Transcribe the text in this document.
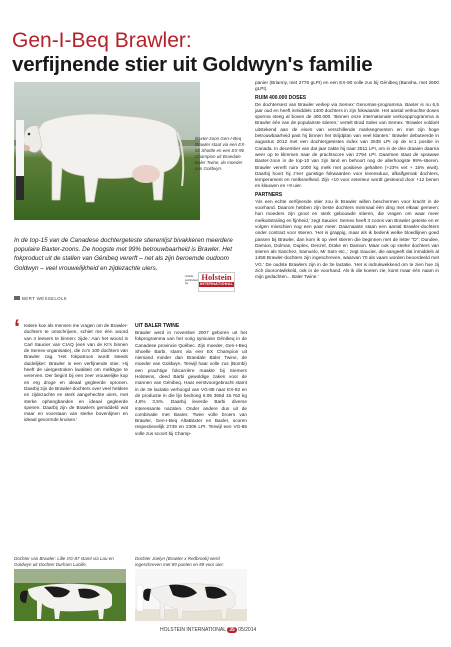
Gen-I-Beq Brawler:
verfijnende stier uit Goldwyn's familie
Baxter-zoon Gen-I-Beq Brawler staat via een EX-92 Shottle en een EX-96 Champion uit Braedale Baler Twine, de moeder van Goldwyn.
In de top-15 van de Canadese dochtergeteste stierenlijst bivakkeren meerdere populaire Baxter-zoons. De hoogste met 99% betrouwbaarheid is Brawler. Het fokproduct uit de stallen van Génibeq vererft – net als zijn beroemde oudoom Goldwyn – veel vrouwelijkheid en zijdezachte uiers.
Article published by
Holstein
INTERNATIONAL
BERT WESSELOLK
‘ Iedere koe als mensen me vragen om de Brawler-dochters te omschrijven, schiet me één woord van 4 leesers te binnen: zijde.' Aan het woord is Carl Saucier van CIAQ (een van de KI's binnen de Semex-organisatie), die zo'n 100 dochters van Brawler zag. 'Het fokpatroon wordt steeds duidelijker: Brawler is een verfijnende stier. Hij heeft de uiergestroken kwaliteit om melktype te vererven. Der begint bij een zeer vrouwelijke kop en erg droge en ideaal gegleerde spronen. Daarbij zijn de Brawler-dochters over veel heldere en zijdezachte en sterk aangehechte uiers, met sterke ophangbanden en ideaal gegleerde spenen. Daarbij zijn de Brawlers gemiddeld wat maar en voorstaan van sterke bovenlijnen en ideaal gevormde kruisen.'

UIT BALER TWINE

Brawler werd in november 2007 geboren uit het fokprogramma van het vorig synicase Génibeq in de Canadese provincie Québec. Zijn moeder, Gen-I-Beq Shoelle Barbi, stamt via een EX Champion uit niemand minder dan Braedale Baler Twine, de moeder van Goldwyn. Terwijl haar volle zus (Bombi) een prachtige fokcarrière maakte bij Siemers Holsteins, deed Barbi gewoldige zaken voor de mannen van Génibeq. Haar eerstvoorgebracht stamt in de 3e lactatie verhoogd van VG-88 naar EX-92 en de productie in die lijn bedroeg 6.06 365d 15.762 kg 4,8% 3,5%. Daarbij leverde Barbi diverse interessante nazaten. Onder andere dus uit de combinatie met Baxter. Twee volle broers van Brawler, Gen-I-Beq AltaBaxter en Baxler, scoren respectievelijk 2749 en 2306 LPI. Terwijl een VG-86 volle zus scoort bij Champ-

panier (Brianny, met 2776 gLPI) en een EX-90 volle zus bij Génibeq (Bansha, met 2600 gLPI).

RUIM 400.000 DOSES

De dochtersest van Brawler verliep via Semex' Genomas-programma. Baxter is nu 6,5 jaar oud en heeft inmiddels 1400 dochters in zijn fokwaarde. Het aantal verkochte doses sperma steeg al boven de 400.000. 'Binnen onze internationale verkoopprogramma is Brawler één van de populairste stieren,' vertelt Brad Sales van Semex. 'Brawler voldoet uitstekend aan de eisen van verschillende marksegmenten en met zijn hoge betrouwbaarheid past hij binnen het strijdplan van veel klanten.' Brawler debuteerde in augustus 2012 met een dochtergetestes index van 2638 LPI op de nr.1 positie in Canada. In december van dat jaar zakte hij naar 2511 LPI, om in de drie draaien daarna weer op te klimmen naar de prachtscore van 2794 LPI. Daarmee staat de sprawwe Baxter-zoon in de top-10 van zijn land en behoort nog de allerhoogste 99%-stieren. Brawler vererft ruim 1000 kg melk met positieve gehalten (+23% vet + 15% eiwit). Daarbij hoort hij z'eer gunstige fokwaarden voor levensduur, afkalfgemak dochters, temperament en melksnelheid. Zijn +10 voor exterieur wordt gesteund door +12 benen en klauwen en +9 uier.

PARTNERS

'Als een echte verfijnende stier zou ik Brawler willen beschermen voor kracht in de voorhand. Daarom hebben zijn beste dochters minimaal één ding met elkaar gemeen; hun moeders zijn groot en sterk gebouwde stieren, die vragen om waar meer melkuitstraling en fijnheid,' zegt Saucier. Semex heeft 3 zoons van Brawler geteste en er volgen misschien nog een paar meer. Daarnaaste staan een aantal Brawler-dochters onder contract voor stieren. 'Het is grappig, maar als ik bedenk welke bloedlijnen goed passen bij Brawler, dan kom ik op veel stieren die beginnen met de letter "D": Dundee, Damion, Dolman, Duplex, Denzel, Drake en Damion. Maar ook op sterke dochters van stieren als Sanchez, Samuelo, Mr Sam etc.,' zegt Saucier, die aangeeft dat inmiddels al 1458 Brawler-dochters zijn ingeschreven, waarvan 70 als vaars worden beoordeeld met VG.' De oudste Brawlers zijn in de 3e lactatie. 'Het is indrukwekkend om te zien hoe zij zich doorontwikkeld, ook in de voorhand. Als ik die koeien zie, komt maar één naam in mijn gedachten... Baler Twine.'

Dochter van Brawler: Lille VG-87 stamt via Lou en Goldwyn uit Dochter Durham Lucille.
Dochter Joelyn (Brawler x Redbrook) werd ingeschreven met 89 punten en 89 voor uier.
HOLSTEIN INTERNATIONAL 35 05/2014
